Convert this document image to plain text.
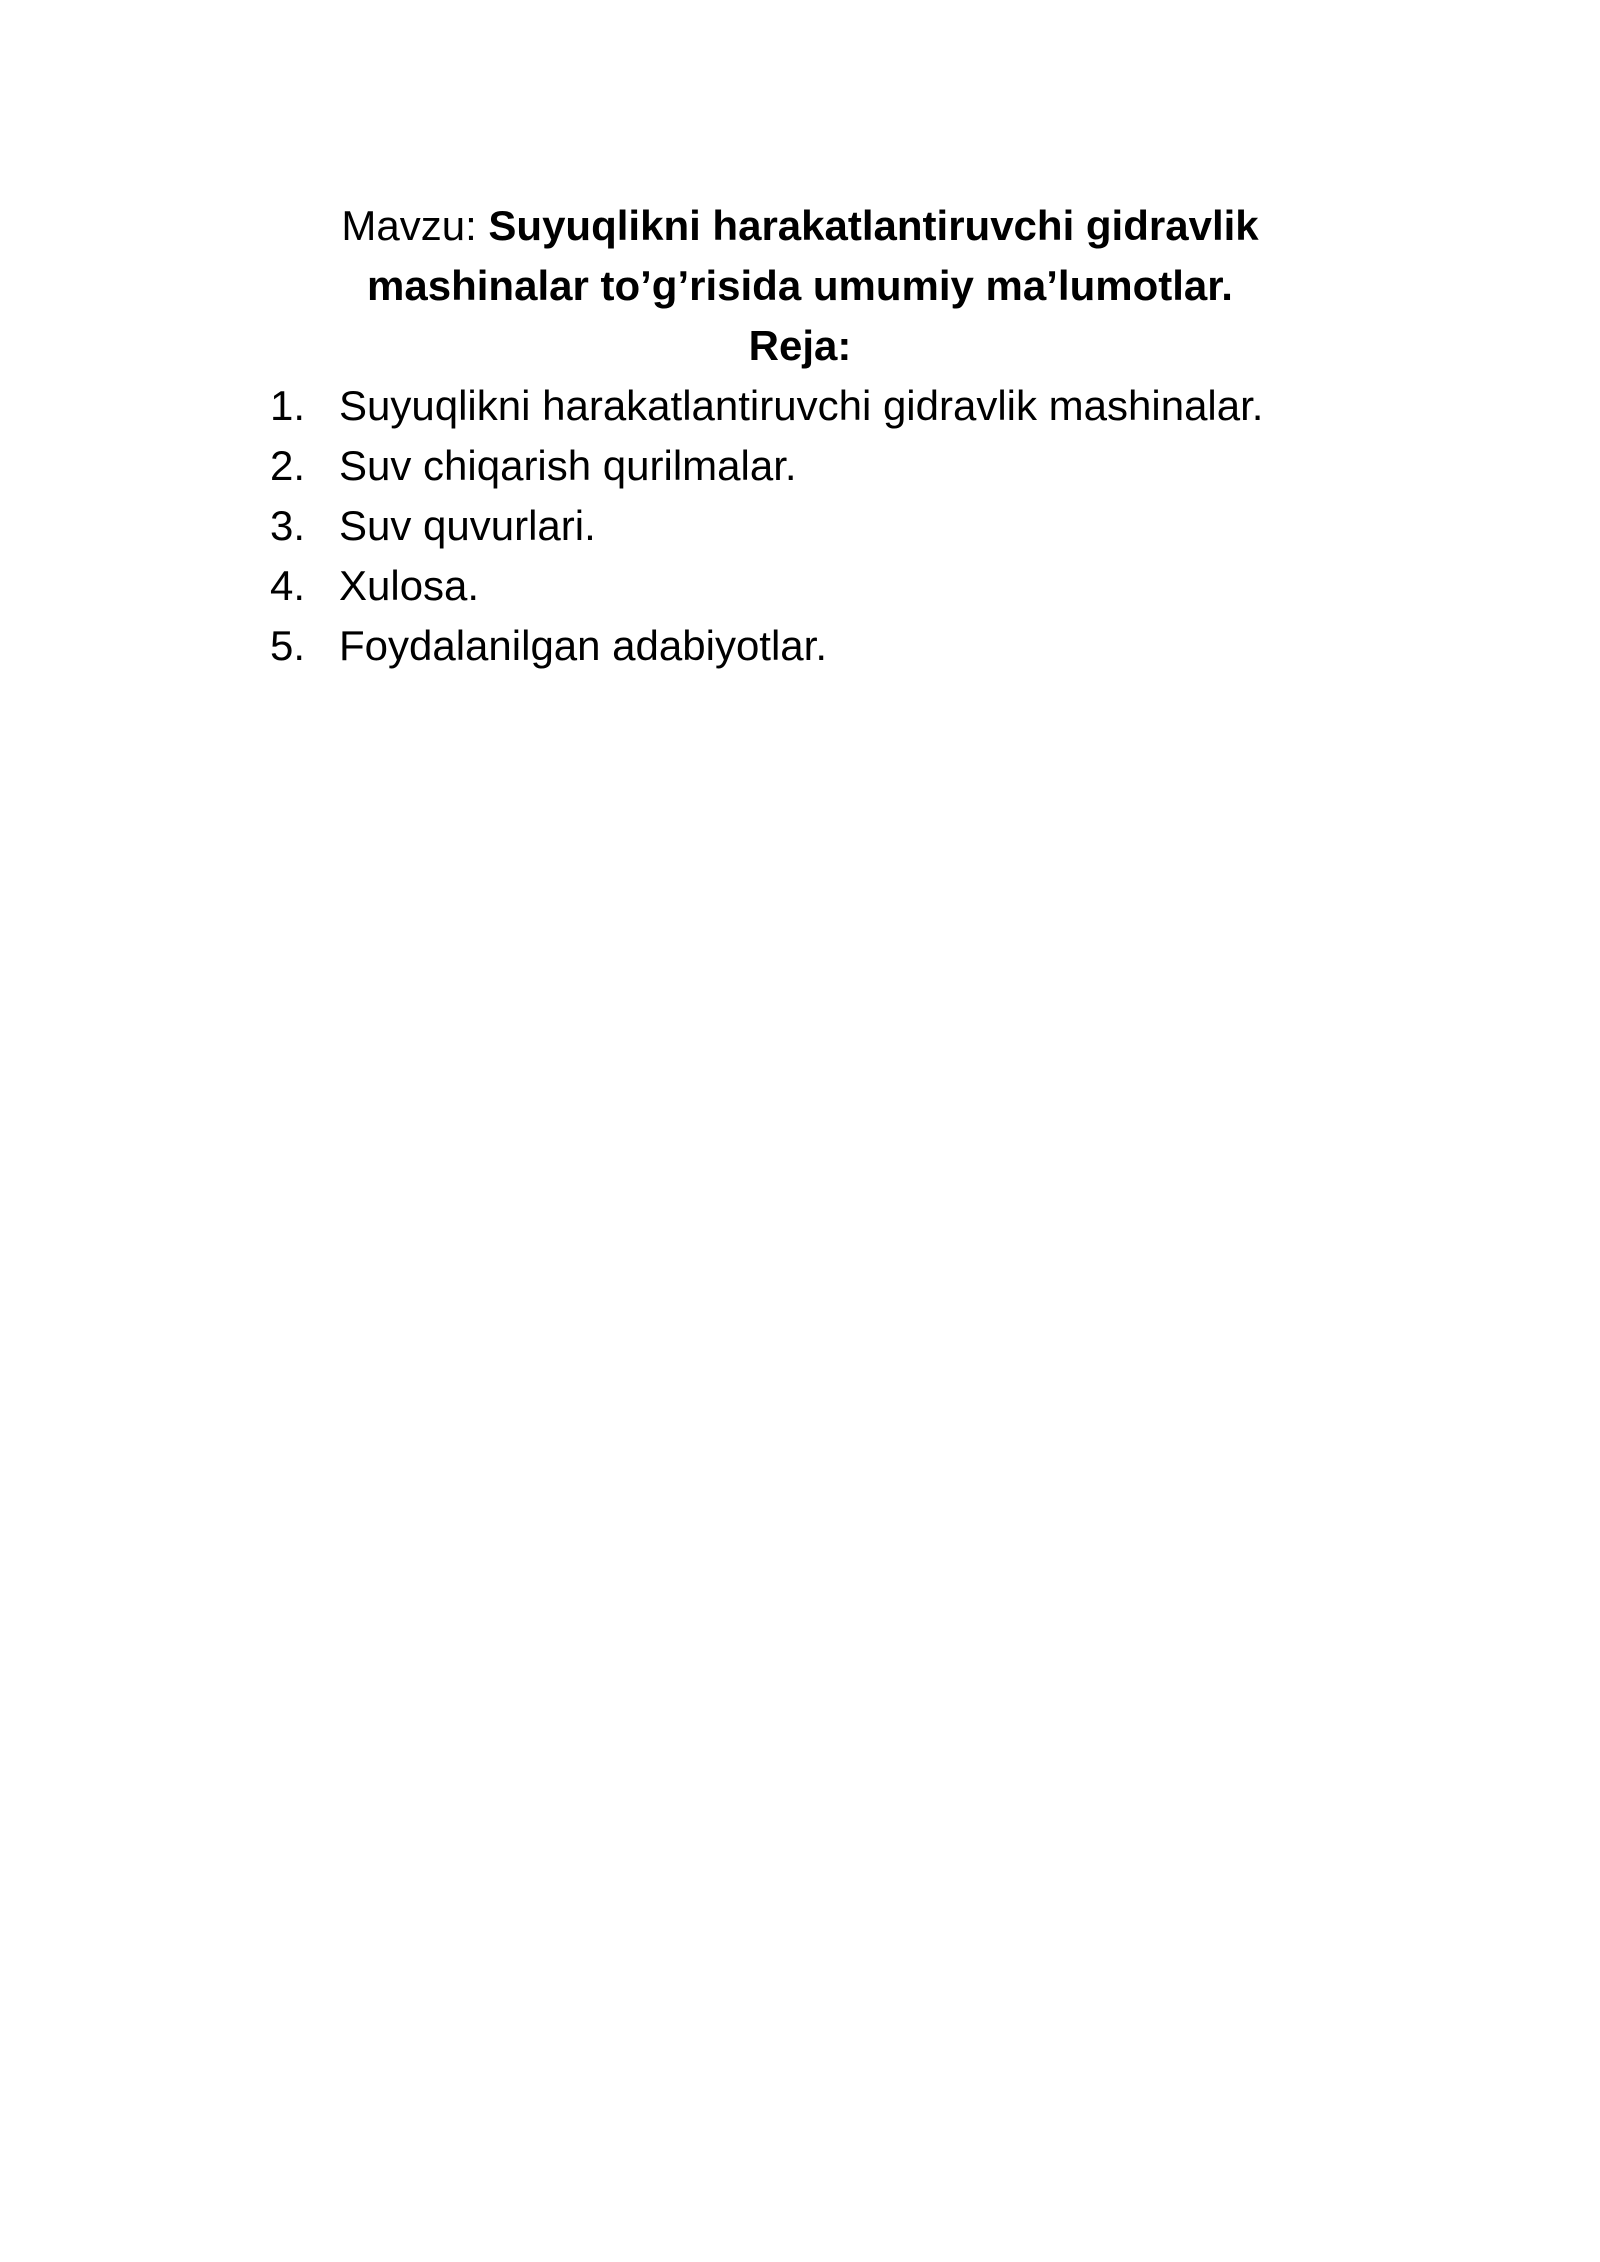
Mavzu: Suyuqlikni harakatlantiruvchi gidravlik mashinalar to’g’risida umumiy ma’lumotlar.
Reja:
1. Suyuqlikni harakatlantiruvchi gidravlik mashinalar.
2. Suv chiqarish qurilmalar.
3. Suv quvurlari.
4. Xulosa.
5. Foydalanilgan adabiyotlar.
